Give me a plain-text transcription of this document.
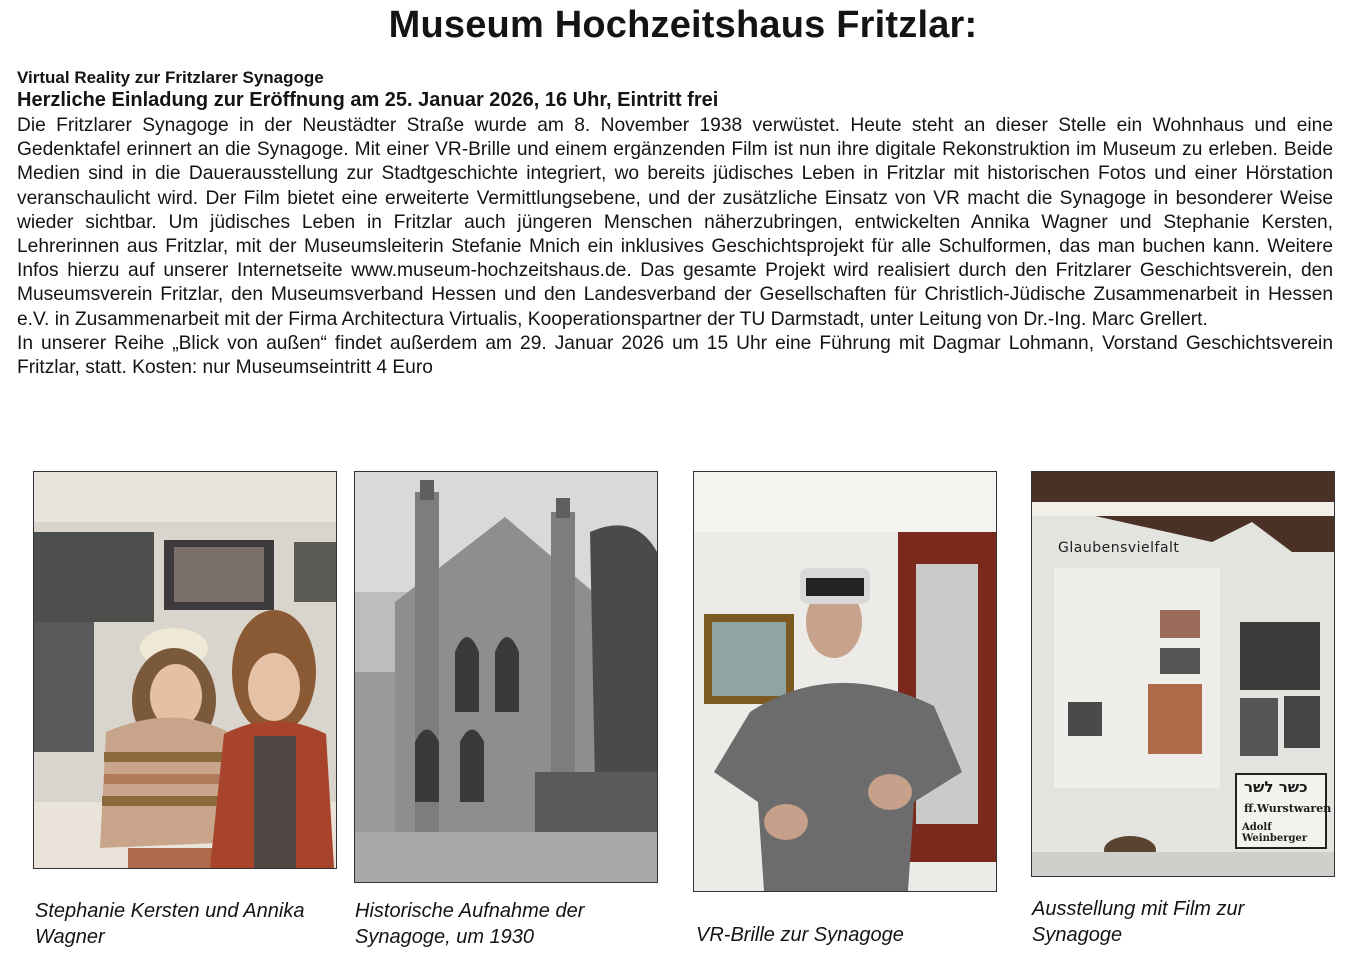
Museum Hochzeitshaus Fritzlar:
Virtual Reality zur Fritzlarer Synagoge
Herzliche Einladung zur Eröffnung am 25. Januar 2026, 16 Uhr, Eintritt frei

Die Fritzlarer Synagoge in der Neustädter Straße wurde am 8. November 1938 verwüstet. Heute steht an dieser Stelle ein Wohnhaus und eine Gedenktafel erinnert an die Synagoge. Mit einer VR-Brille und einem ergänzenden Film ist nun ihre digitale Rekonstruktion im Museum zu erleben. Beide Medien sind in die Dauerausstellung zur Stadtgeschichte integriert, wo bereits jüdisches Leben in Fritzlar mit historischen Fotos und einer Hörstation veranschaulicht wird. Der Film bietet eine erweiterte Vermittlungsebene, und der zusätzliche Einsatz von VR macht die Synagoge in besonderer Weise wieder sichtbar. Um jüdisches Leben in Fritzlar auch jüngeren Menschen näherzubringen, entwickelten Annika Wagner und Stephanie Kersten, Lehrerinnen aus Fritzlar, mit der Museumsleiterin Stefanie Mnich ein inklusives Geschichtsprojekt für alle Schulformen, das man buchen kann. Weitere Infos hierzu auf unserer Internetseite www.museum-hochzeitshaus.de. Das gesamte Projekt wird realisiert durch den Fritzlarer Geschichtsverein, den Museumsverein Fritzlar, den Museumsverband Hessen und den Landesverband der Gesellschaften für Christlich-Jüdische Zusammenarbeit in Hessen e.V. in Zusammenarbeit mit der Firma Architectura Virtualis, Kooperationspartner der TU Darmstadt, unter Leitung von Dr.-Ing. Marc Grellert.

In unserer Reihe „Blick von außen“ findet außerdem am 29. Januar 2026 um 15 Uhr eine Führung mit Dagmar Lohmann, Vorstand Geschichtsverein Fritzlar, statt. Kosten: nur Museumseintritt 4 Euro

Glaubensvielfalt
כשר לשר
ff.Wurstwaren
Adolf Weinberger

Stephanie Kersten und Annika Wagner

Historische Aufnahme der Synagoge, um 1930	VR-Brille zur Synagoge

Ausstellung mit Film zur Synagoge
